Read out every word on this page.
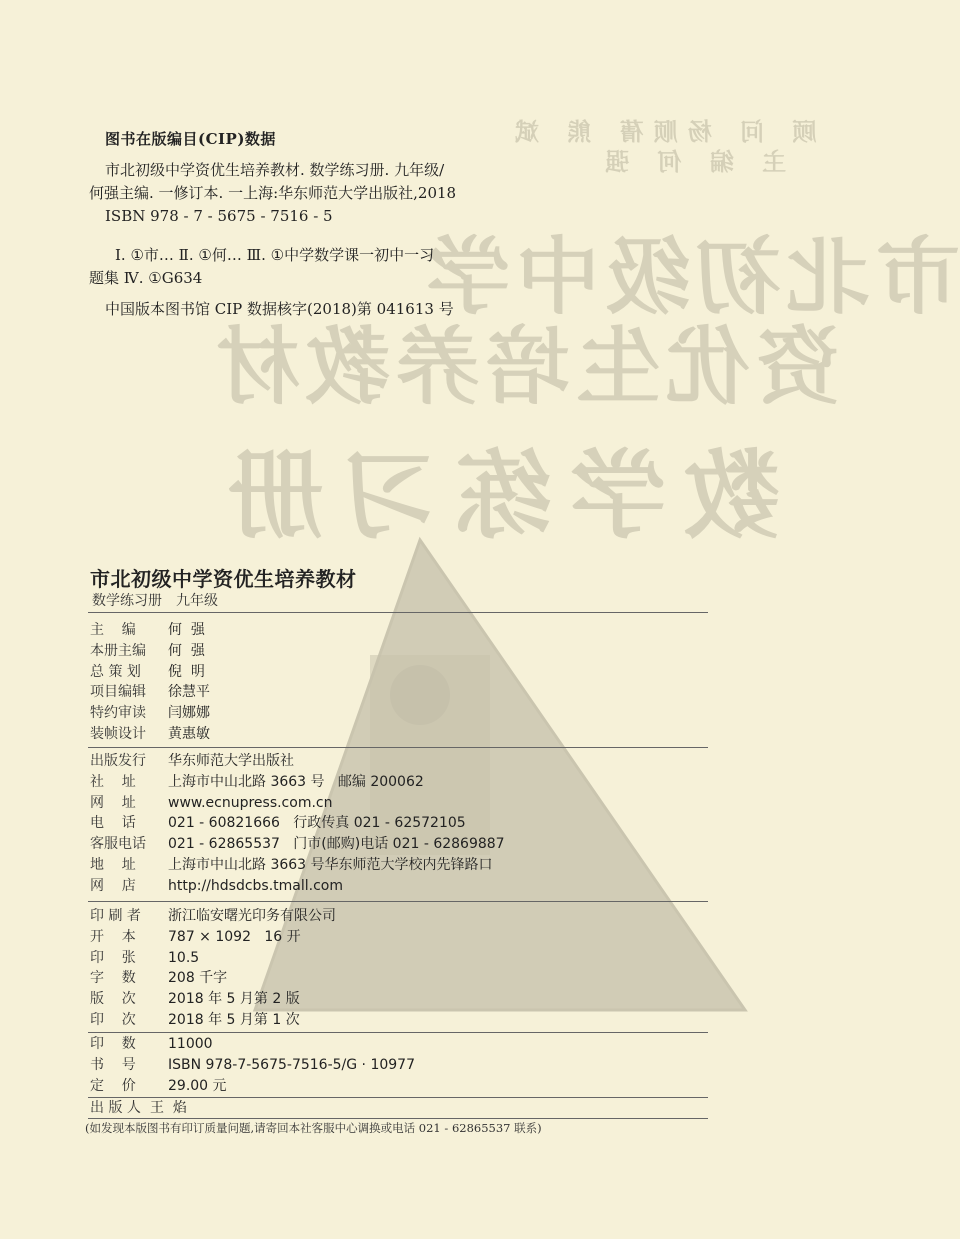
顾 问 杨顺蒨 熊 斌
主 编 何 强
市北初级中学
资优生培养教材
数学练习册
图书在版编目(CIP)数据
市北初级中学资优生培养教材. 数学练习册. 九年级/
何强主编. 一修订本. 一上海:华东师范大学出版社,2018
ISBN 978 - 7 - 5675 - 7516 - 5
Ⅰ. ①市… Ⅱ. ①何… Ⅲ. ①中学数学课一初中一习
题集 Ⅳ. ①G634
中国版本图书馆 CIP 数据核字(2018)第 041613 号
市北初级中学资优生培养教材
数学练习册 九年级
主    编	何  强
本册主编	何  强
总 策 划	倪  明
项目编辑	徐慧平
特约审读	闫娜娜
装帧设计	黄惠敏
出版发行	华东师范大学出版社
社    址	上海市中山北路 3663 号   邮编 200062
网    址	www.ecnupress.com.cn
电    话	021 - 60821666   行政传真 021 - 62572105
客服电话	021 - 62865537   门市(邮购)电话 021 - 62869887
地    址	上海市中山北路 3663 号华东师范大学校内先锋路口
网    店	http://hdsdcbs.tmall.com
印 刷 者	浙江临安曙光印务有限公司
开    本	787 × 1092   16 开
印    张	10.5
字    数	208 千字
版    次	2018 年 5 月第 2 版
印    次	2018 年 5 月第 1 次
印    数	11000
书    号	ISBN 978-7-5675-7516-5/G · 10977
定    价	29.00 元
出 版 人 王  焰
(如发现本版图书有印订质量问题,请寄回本社客服中心调换或电话 021 - 62865537 联系)
